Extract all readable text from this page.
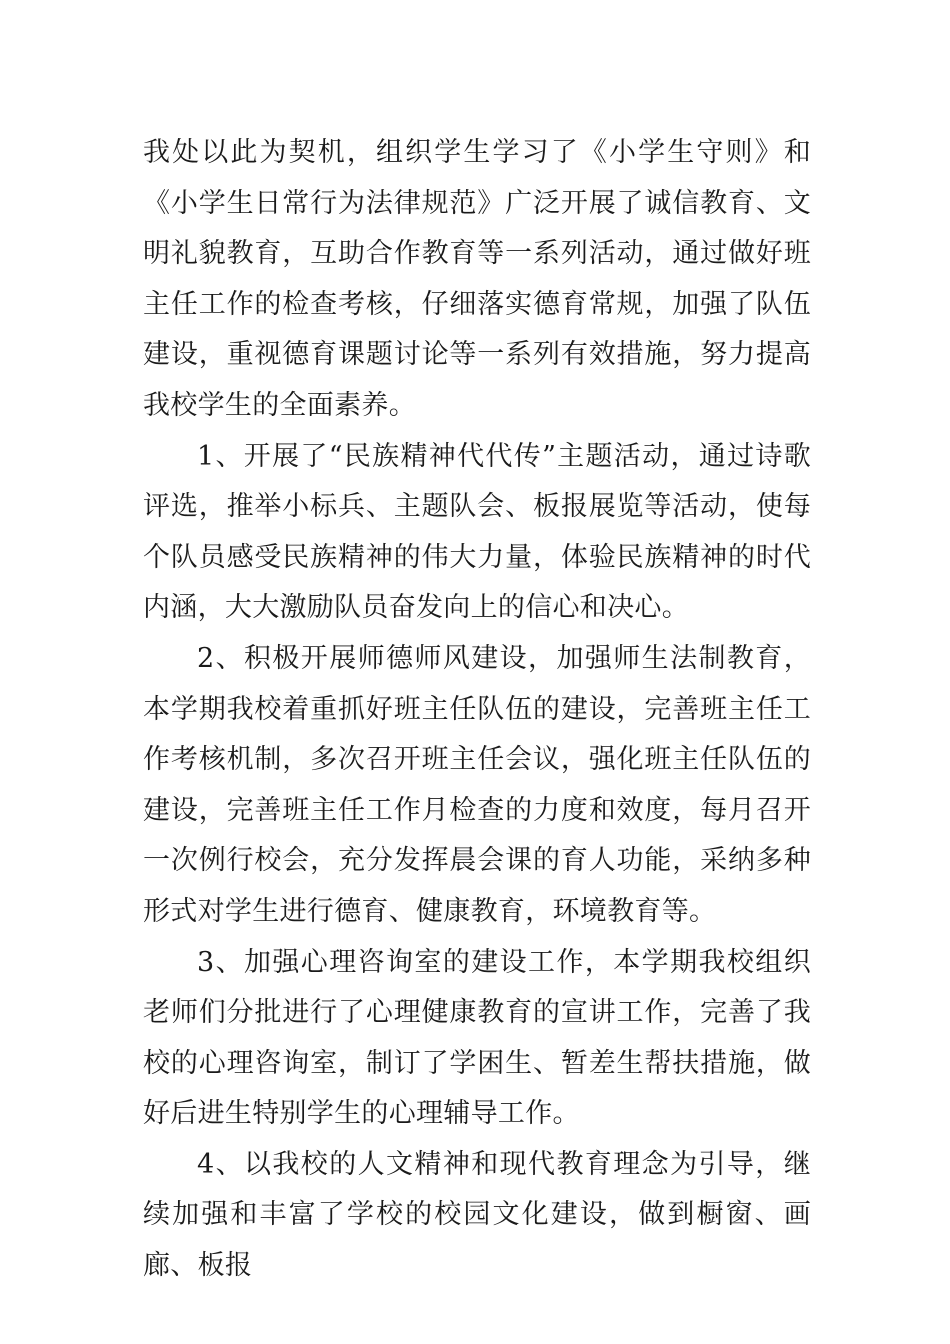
我处以此为契机，组织学生学习了《小学生守则》和《小学生日常行为法律规范》广泛开展了诚信教育、文明礼貌教育，互助合作教育等一系列活动，通过做好班主任工作的检查考核，仔细落实德育常规，加强了队伍建设，重视德育课题讨论等一系列有效措施，努力提高我校学生的全面素养。

1、开展了“民族精神代代传”主题活动，通过诗歌评选，推举小标兵、主题队会、板报展览等活动，使每个队员感受民族精神的伟大力量，体验民族精神的时代内涵，大大激励队员奋发向上的信心和决心。

2、积极开展师德师风建设，加强师生法制教育，本学期我校着重抓好班主任队伍的建设，完善班主任工作考核机制，多次召开班主任会议，强化班主任队伍的建设，完善班主任工作月检查的力度和效度，每月召开一次例行校会，充分发挥晨会课的育人功能，采纳多种形式对学生进行德育、健康教育，环境教育等。

3、加强心理咨询室的建设工作，本学期我校组织老师们分批进行了心理健康教育的宣讲工作，完善了我校的心理咨询室，制订了学困生、暂差生帮扶措施，做好后进生特别学生的心理辅导工作。

4、以我校的人文精神和现代教育理念为引导，继续加强和丰富了学校的校园文化建设，做到橱窗、画廊、板报
